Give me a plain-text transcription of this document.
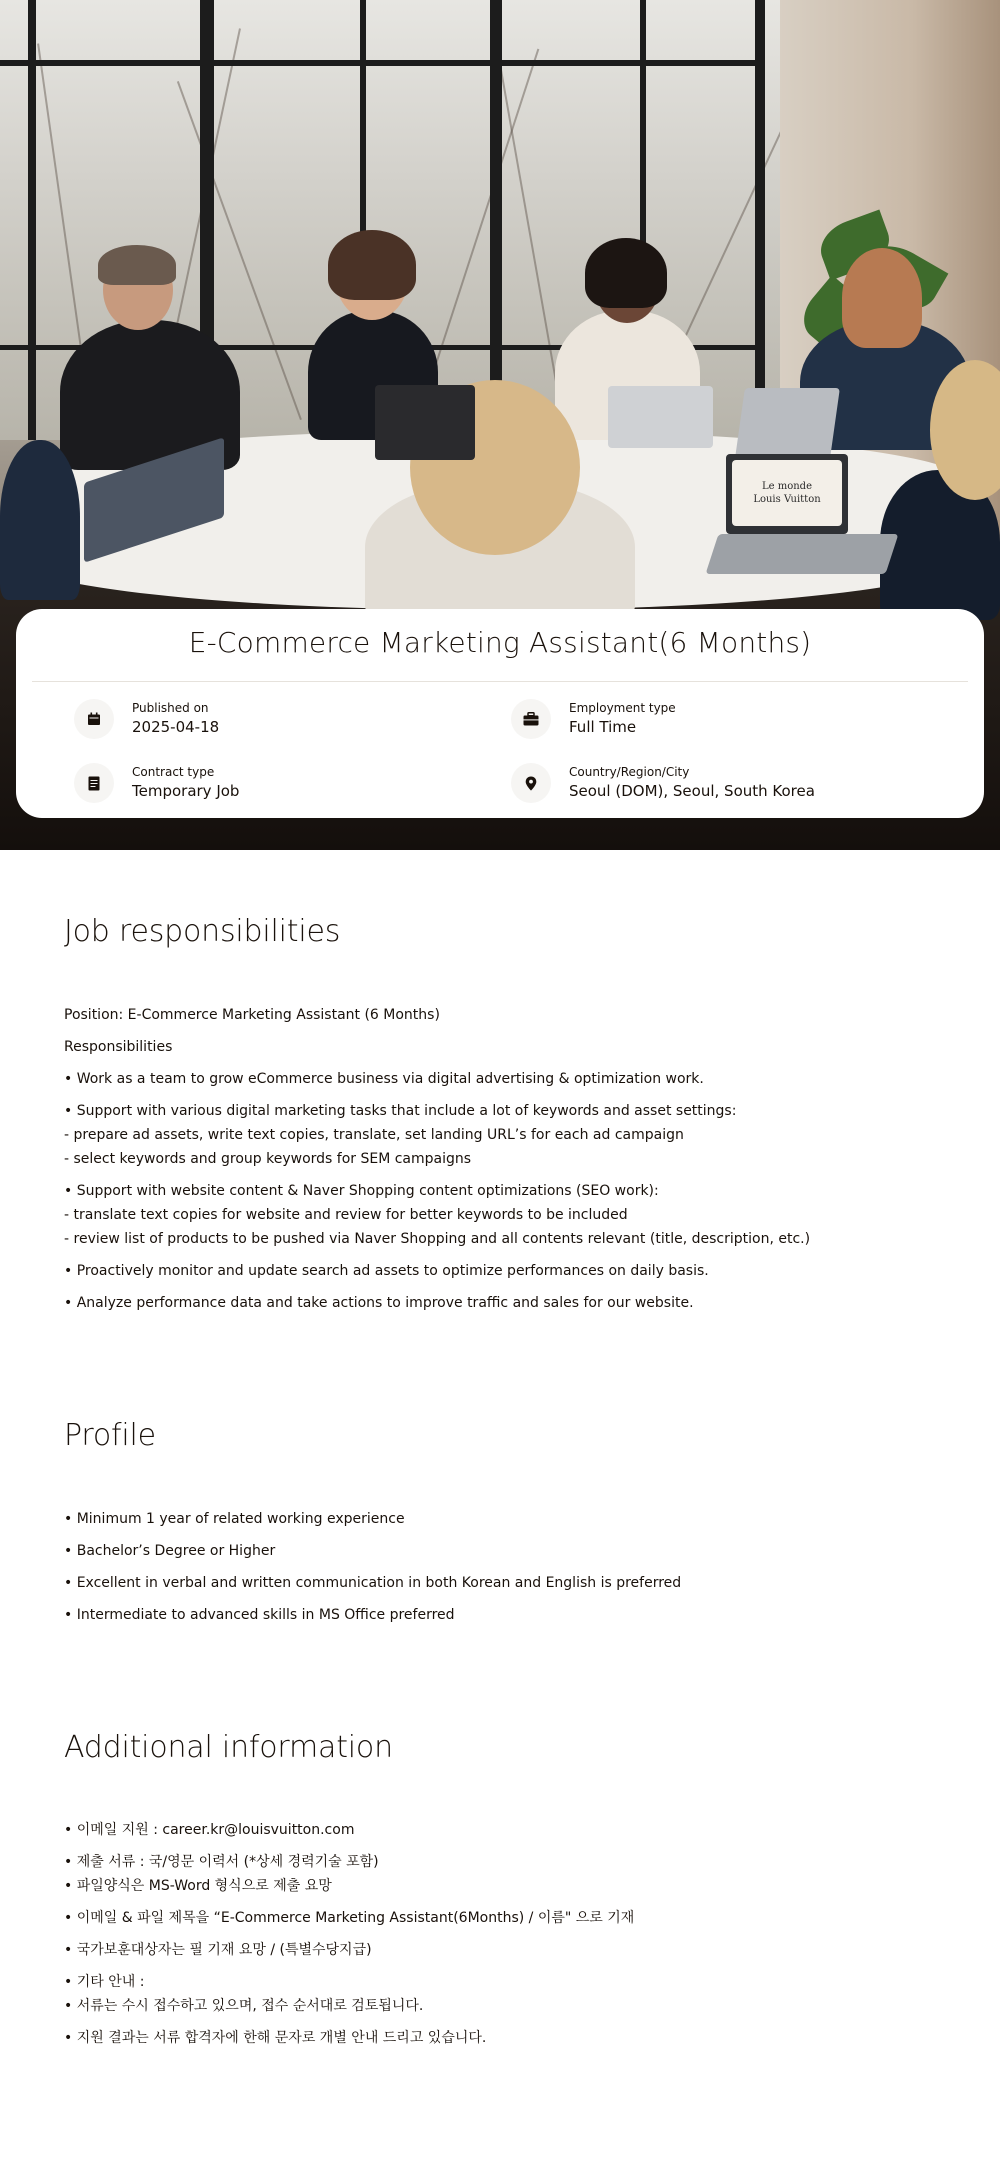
Le monde Louis Vuitton
E-Commerce Marketing Assistant(6 Months)
Published on
2025-04-18
Employment type
Full Time
Contract type
Temporary Job
Country/Region/City
Seoul (DOM), Seoul, South Korea
Job responsibilities
Position: E-Commerce Marketing Assistant (6 Months)
Responsibilities
• Work as a team to grow eCommerce business via digital advertising & optimization work.
• Support with various digital marketing tasks that include a lot of keywords and asset settings:
- prepare ad assets, write text copies, translate, set landing URL’s for each ad campaign
- select keywords and group keywords for SEM campaigns
• Support with website content & Naver Shopping content optimizations (SEO work):
- translate text copies for website and review for better keywords to be included
- review list of products to be pushed via Naver Shopping and all contents relevant (title, description, etc.)
• Proactively monitor and update search ad assets to optimize performances on daily basis.
• Analyze performance data and take actions to improve traffic and sales for our website.
Profile
• Minimum 1 year of related working experience
• Bachelor’s Degree or Higher
• Excellent in verbal and written communication in both Korean and English is preferred
• Intermediate to advanced skills in MS Office preferred
Additional information
• 이메일 지원 : career.kr@louisvuitton.com
• 제출 서류 : 국/영문 이력서 (*상세 경력기술 포함)
• 파일양식은 MS-Word 형식으로 제출 요망
• 이메일 & 파일 제목을 “E-Commerce Marketing Assistant(6Months) / 이름" 으로 기재
• 국가보훈대상자는 필 기재 요망 / (특별수당지급)
• 기타 안내 :
• 서류는 수시 접수하고 있으며, 접수 순서대로 검토됩니다.
• 지원 결과는 서류 합격자에 한해 문자로 개별 안내 드리고 있습니다.
